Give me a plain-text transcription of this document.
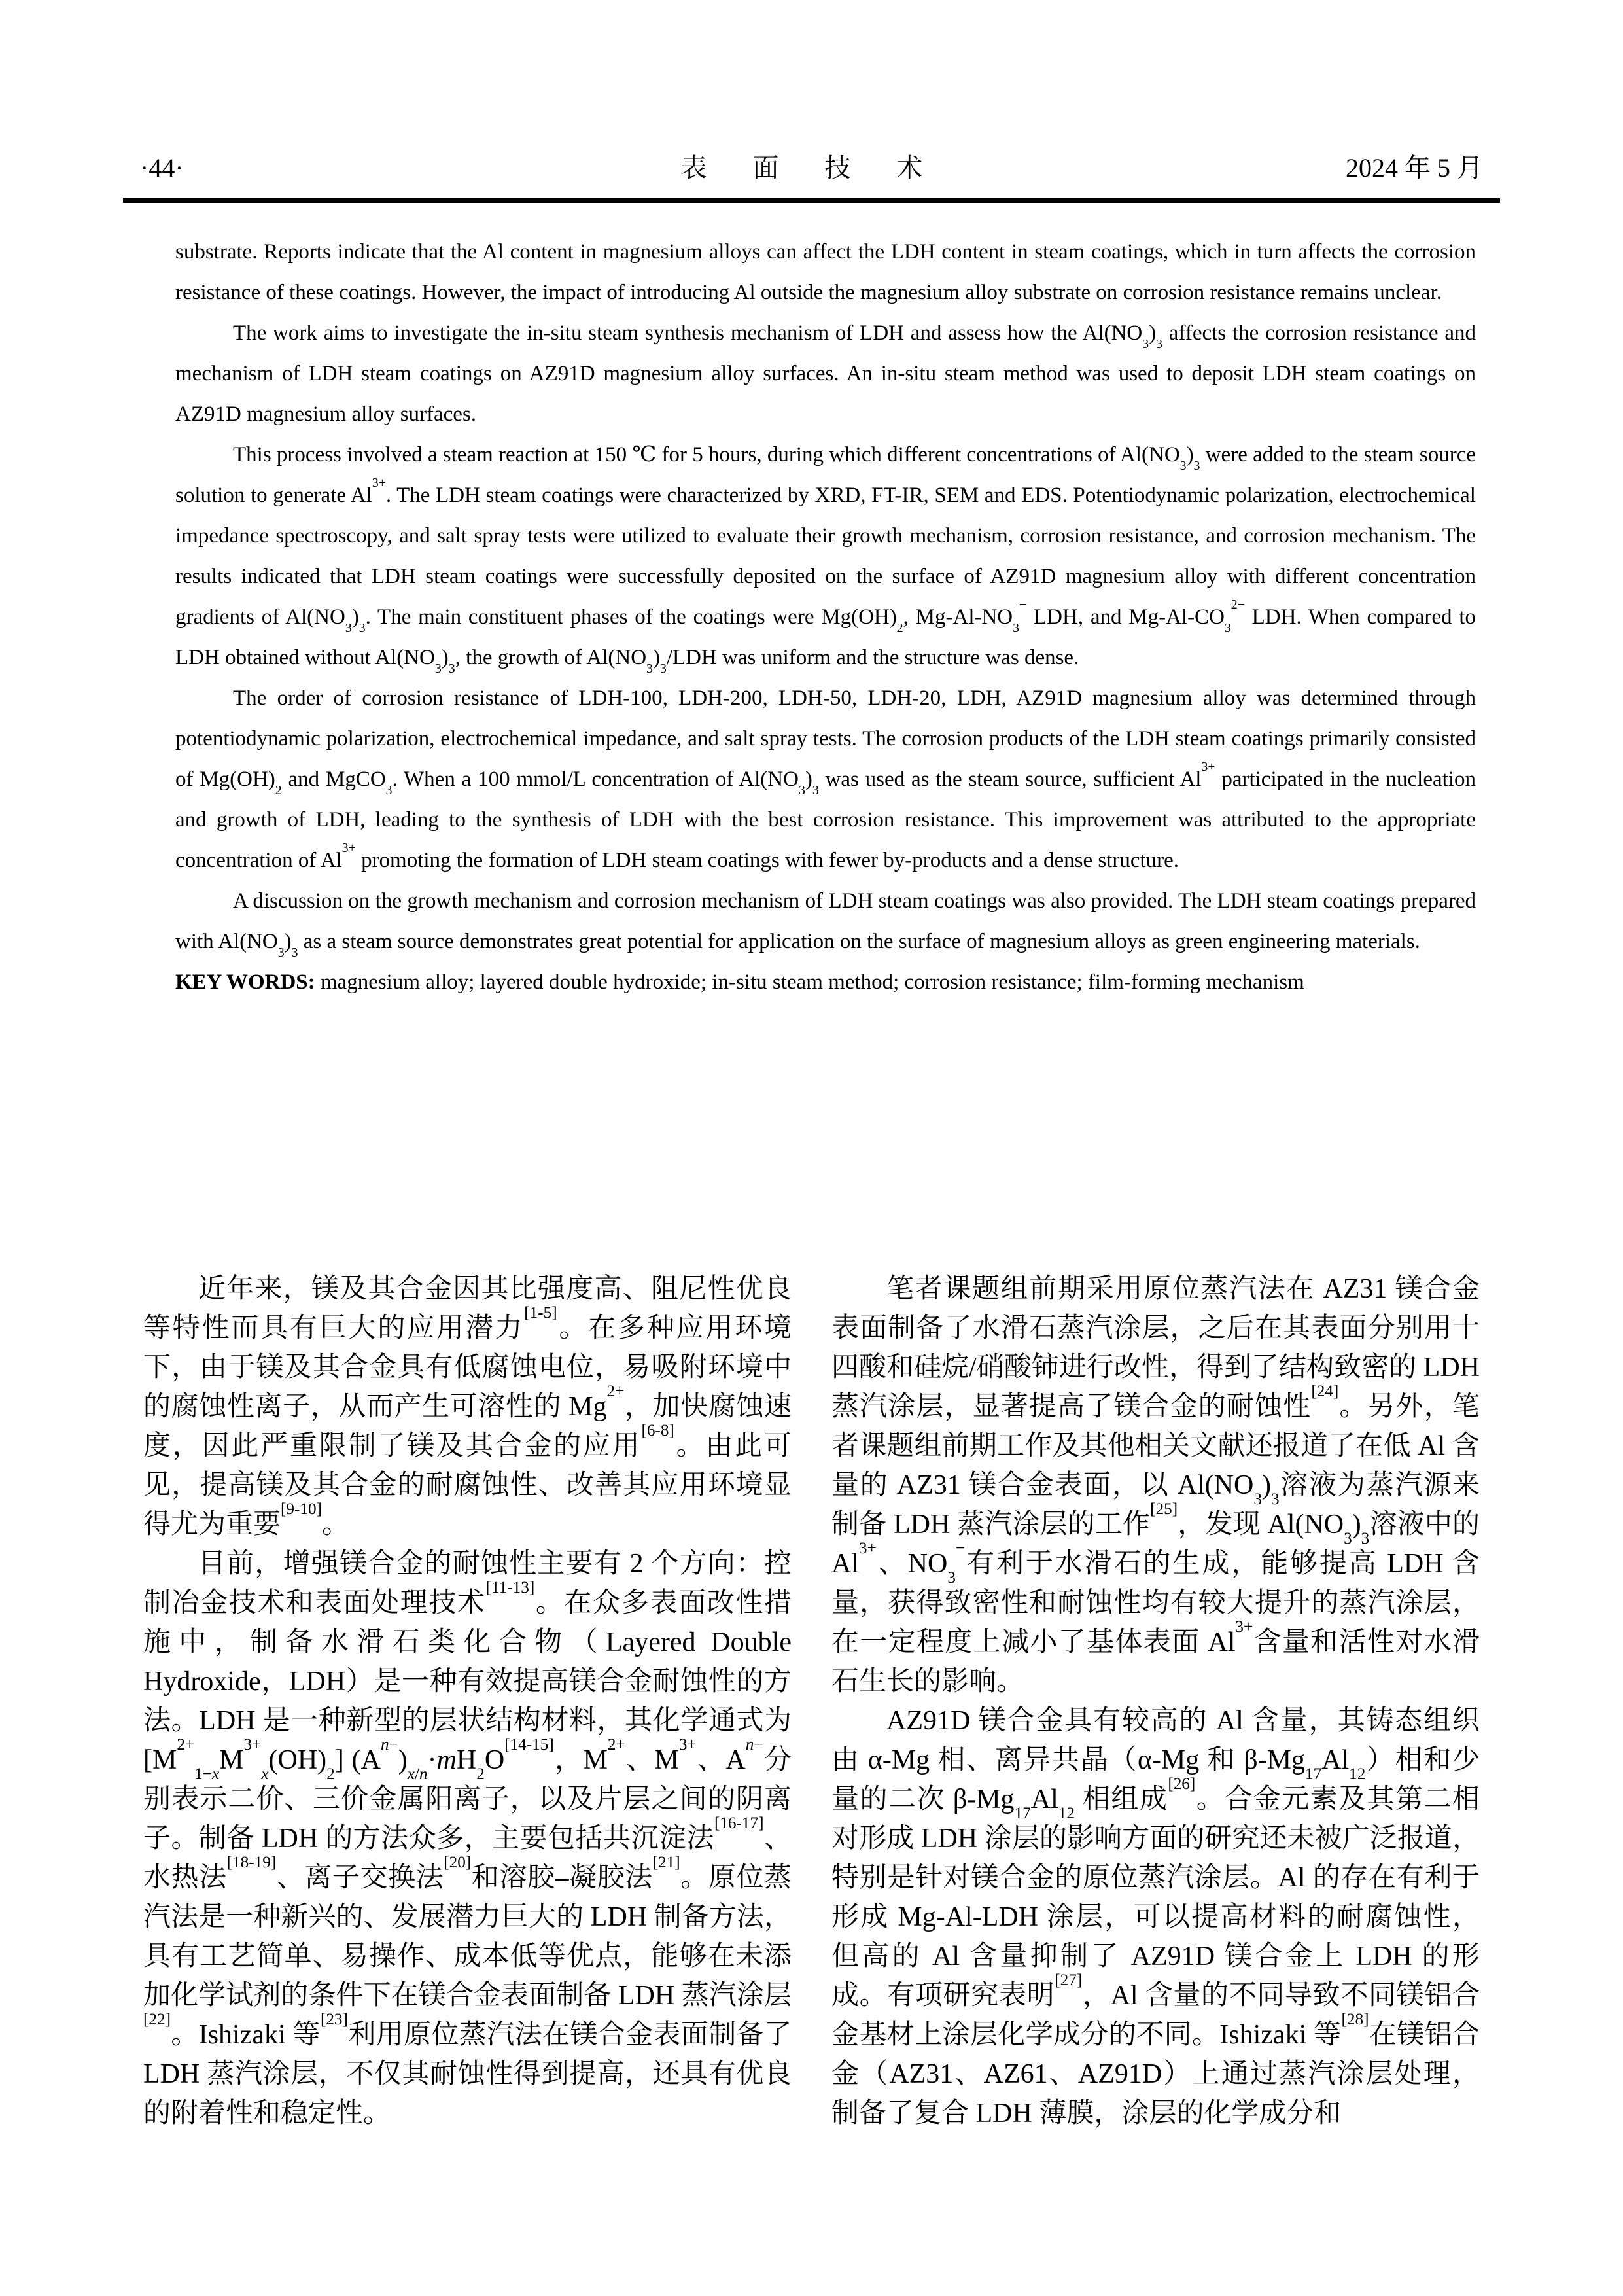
·44·	表 面 技 术	2024 年 5 月

substrate. Reports indicate that the Al content in magnesium alloys can affect the LDH content in steam coatings, which in turn affects the corrosion resistance of these coatings. However, the impact of introducing Al outside the magnesium alloy substrate on corrosion resistance remains unclear.

The work aims to investigate the in-situ steam synthesis mechanism of LDH and assess how the $Al(NO_3)_3$ affects the corrosion resistance and mechanism of LDH steam coatings on AZ91D magnesium alloy surfaces. An in-situ steam method was used to deposit LDH steam coatings on AZ91D magnesium alloy surfaces.

This process involved a steam reaction at 150 ℃ for 5 hours, during which different concentrations of $Al(NO_3)_3$ were added to the steam source solution to generate $Al^{3+}$. The LDH steam coatings were characterized by XRD, FT-IR, SEM and EDS. Potentiodynamic polarization, electrochemical impedance spectroscopy, and salt spray tests were utilized to evaluate their growth mechanism, corrosion resistance, and corrosion mechanism. The results indicated that LDH steam coatings were successfully deposited on the surface of AZ91D magnesium alloy with different concentration gradients of $Al(NO_3)_3$. The main constituent phases of the coatings were $Mg(OH)_2$, $Mg-Al-NO_3^-$ LDH, and $Mg-Al-CO_3^{2-}$ LDH. When compared to LDH obtained without $Al(NO_3)_3$, the growth of $Al(NO_3)_3$/LDH was uniform and the structure was dense.

The order of corrosion resistance of LDH-100, LDH-200, LDH-50, LDH-20, LDH, AZ91D magnesium alloy was determined through potentiodynamic polarization, electrochemical impedance, and salt spray tests. The corrosion products of the LDH steam coatings primarily consisted of $Mg(OH)_2$ and MgCO$_3$. When a 100 mmol/L concentration of $Al(NO_3)_3$ was used as the steam source, sufficient $Al^{3+}$ participated in the nucleation and growth of LDH, leading to the synthesis of LDH with the best corrosion resistance. This improvement was attributed to the appropriate concentration of $Al^{3+}$ promoting the formation of LDH steam coatings with fewer by-products and a dense structure.

A discussion on the growth mechanism and corrosion mechanism of LDH steam coatings was also provided. The LDH steam coatings prepared with $Al(NO_3)_3$ as a steam source demonstrates great potential for application on the surface of magnesium alloys as green engineering materials.

KEY WORDS: magnesium alloy; layered double hydroxide; in-situ steam method; corrosion resistance; film-forming mechanism

近年来，镁及其合金因其比强度高、阻尼性优良等特性而具有巨大的应用潜力[1-5]。在多种应用环境下，由于镁及其合金具有低腐蚀电位，易吸附环境中的腐蚀性离子，从而产生可溶性的 $Mg^{2+}$，加快腐蚀速度，因此严重限制了镁及其合金的应用[6-8]。由此可见，提高镁及其合金的耐腐蚀性、改善其应用环境显得尤为重要[9-10]。

目前，增强镁合金的耐蚀性主要有 2 个方向：控制冶金技术和表面处理技术[11-13]。在众多表面改性措施中，制备水滑石类化合物（Layered Double Hydroxide，LDH）是一种有效提高镁合金耐蚀性的方法。LDH 是一种新型的层状结构材料，其化学通式为 $[M^{2+}_{1-x}M^{3+}_x(OH)_2]$ $(A^{n-})_{x/n}\cdot mH_2O[14-15]$，$M^{2+}$、$M^{3+}$、$A^{n-}$分别表示二价、三价金属阳离子，以及片层之间的阴离子。制备 LDH 的方法众多，主要包括共沉淀法[16-17]、水热法[18-19]、离子交换法[20]和溶胶–凝胶法[21]。原位蒸汽法是一种新兴的、发展潜力巨大的 LDH 制备方法，具有工艺简单、易操作、成本低等优点，能够在未添加化学试剂的条件下在镁合金表面制备 LDH 蒸汽涂层[22]。Ishizaki 等[23]利用原位蒸汽法在镁合金表面制备了 LDH 蒸汽涂层，不仅其耐蚀性得到提高，还具有优良的附着性和稳定性。

笔者课题组前期采用原位蒸汽法在 AZ31 镁合金表面制备了水滑石蒸汽涂层，之后在其表面分别用十四酸和硅烷/硝酸铈进行改性，得到了结构致密的 LDH 蒸汽涂层，显著提高了镁合金的耐蚀性[24]。另外，笔者课题组前期工作及其他相关文献还报道了在低 Al 含量的 AZ31 镁合金表面，以 $Al(NO_3)_3$溶液为蒸汽源来制备 LDH 蒸汽涂层的工作[25]，发现 $Al(NO_3)_3$溶液中的 $Al^{3+}$、$NO_3^-$有利于水滑石的生成，能够提高 LDH 含量，获得致密性和耐蚀性均有较大提升的蒸汽涂层，在一定程度上减小了基体表面 $Al^{3+}$含量和活性对水滑石生长的影响。

AZ91D 镁合金具有较高的 Al 含量，其铸态组织由 α-Mg 相、离异共晶（α-Mg 和 $\beta-Mg_{17}Al_{12}$）相和少量的二次 $\beta-Mg_{17}Al_{12}$ 相组成[26]。合金元素及其第二相对形成 LDH 涂层的影响方面的研究还未被广泛报道，特别是针对镁合金的原位蒸汽涂层。Al 的存在有利于形成 Mg-Al-LDH 涂层，可以提高材料的耐腐蚀性，但高的 Al 含量抑制了 AZ91D 镁合金上 LDH 的形成。有项研究表明[27]，Al 含量的不同导致不同镁铝合金基材上涂层化学成分的不同。Ishizaki 等[28]在镁铝合金（AZ31、AZ61、AZ91D）上通过蒸汽涂层处理，制备了复合 LDH 薄膜，涂层的化学成分和
